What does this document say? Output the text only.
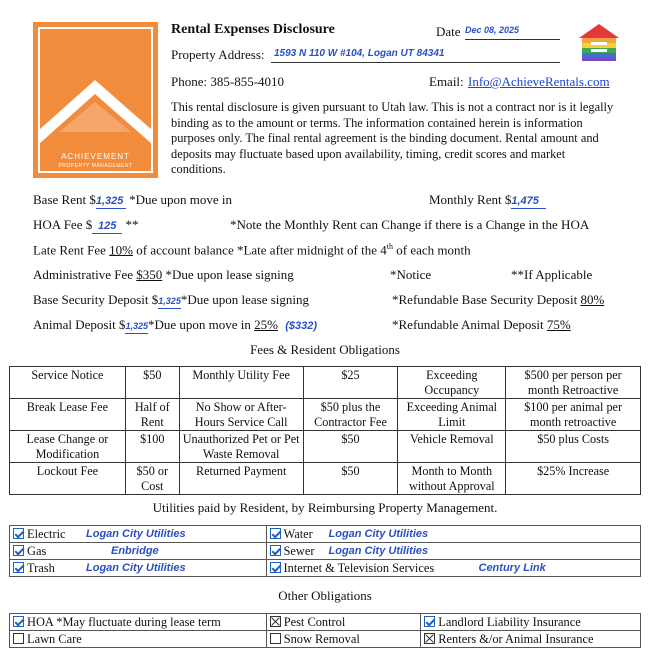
ACHIEVEMENT
PROPERTY MANAGEMENT
Rental Expenses Disclosure	Date Dec 08, 2025
Property Address: 1593 N 110 W #104, Logan UT 84341
Phone: 385-855-4010	Email: Info@AchieveRentals.com
This rental disclosure is given pursuant to Utah law. This is not a contract nor is it legally binding as to the amount or terms. The information contained herein is information purposes only. The final rental agreement is the binding document. Rental amount and deposits may fluctuate based upon availability, timing, credit scores and market conditions.
Base Rent $1,325 *Due upon move in	Monthly Rent $1,475
HOA Fee $ 125 **	*Note the Monthly Rent can Change if there is a Change in the HOA
Late Rent Fee 10% of account balance *Late after midnight of the 4th of each month
Administrative Fee $350 *Due upon lease signing	*Notice	**If Applicable
Base Security Deposit $1,325*Due upon lease signing	*Refundable Base Security Deposit 80%
Animal Deposit $1,325*Due upon move in 25% ($332)	*Refundable Animal Deposit 75%
Fees & Resident Obligations
Service Notice	$50	Monthly Utility Fee	$25	Exceeding Occupancy	$500 per person per month Retroactive
Break Lease Fee	Half of Rent	No Show or After-Hours Service Call	$50 plus the Contractor Fee	Exceeding Animal Limit	$100 per animal per month retroactive
Lease Change or Modification	$100	Unauthorized Pet or Pet Waste Removal	$50	Vehicle Removal	$50 plus Costs
Lockout Fee	$50 or Cost	Returned Payment	$50	Month to Month without Approval	$25% Increase
Utilities paid by Resident, by Reimbursing Property Management.
Electric Logan City Utilities	Water Logan City Utilities

Gas Enbridge	Sewer Logan City Utilities

Trash Logan City Utilities	Internet & Television Services Century Link
Other Obligations
HOA *May fluctuate during lease term	Pest Control	Landlord Liability Insurance
Lawn Care	Snow Removal	Renters &/or Animal Insurance
